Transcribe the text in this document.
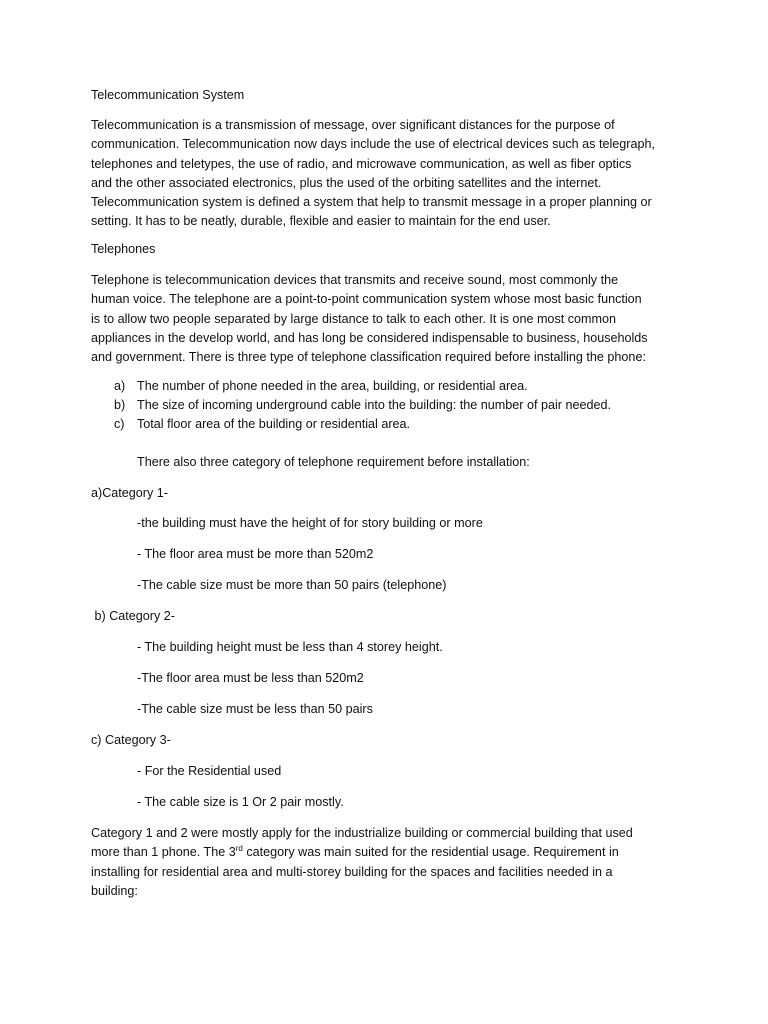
Telecommunication System

Telecommunication is a transmission of message, over significant distances for the purpose of

communication. Telecommunication now days include the use of electrical devices such as telegraph,

telephones and teletypes, the use of radio, and microwave communication, as well as fiber optics

and the other associated electronics, plus the used of the orbiting satellites and the internet.

Telecommunication system is defined a system that help to transmit message in a proper planning or

setting. It has to be neatly, durable, flexible and easier to maintain for the end user.

Telephones

Telephone is telecommunication devices that transmits and receive sound, most commonly the

human voice. The telephone are a point-to-point communication system whose most basic function

is to allow two people separated by large distance to talk to each other. It is one most common

appliances in the develop world, and has long be considered indispensable to business, households

and government. There is three type of telephone classification required before installing the phone:

a) The number of phone needed in the area, building, or residential area.
b) The size of incoming underground cable into the building: the number of pair needed.
c) Total floor area of the building or residential area.
There also three category of telephone requirement before installation:
a)Category 1-
-the building must have the height of for story building or more
- The floor area must be more than 520m2
-The cable size must be more than 50 pairs (telephone)
b) Category 2-
- The building height must be less than 4 storey height.
-The floor area must be less than 520m2
-The cable size must be less than 50 pairs
c) Category 3-
- For the Residential used
- The cable size is 1 Or 2 pair mostly.

Category 1 and 2 were mostly apply for the industrialize building or commercial building that used

more than 1 phone. The 3rd category was main suited for the residential usage. Requirement in

installing for residential area and multi-storey building for the spaces and facilities needed in a

building:
